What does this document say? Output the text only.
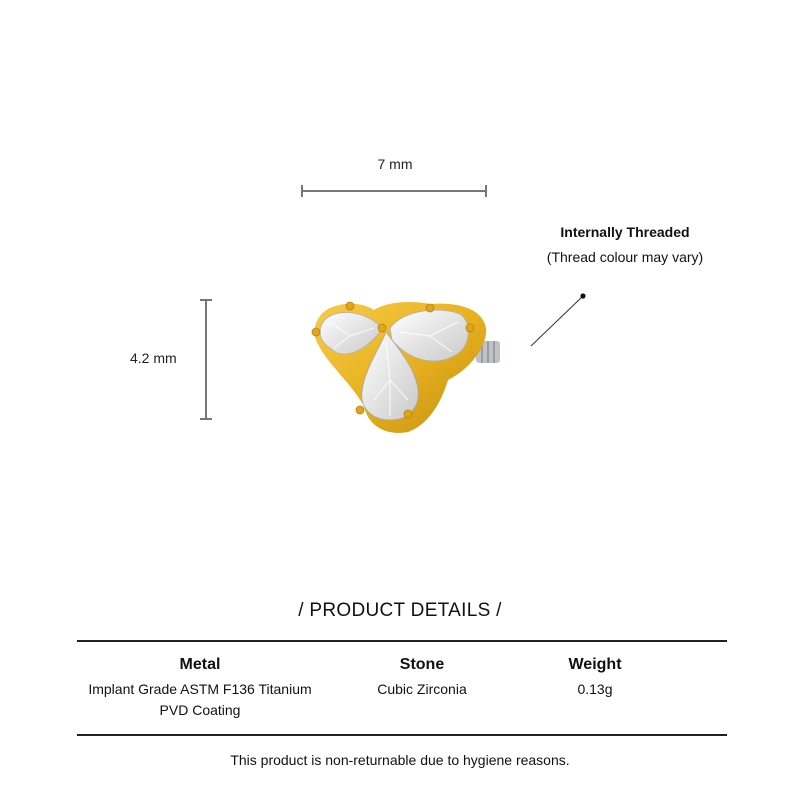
7 mm
4.2 mm
Internally Threaded
(Thread colour may vary)
/ PRODUCT DETAILS /
Metal
Implant Grade ASTM F136 Titanium
PVD Coating
Stone
Cubic Zirconia
Weight
0.13g
This product is non-returnable due to hygiene reasons.
